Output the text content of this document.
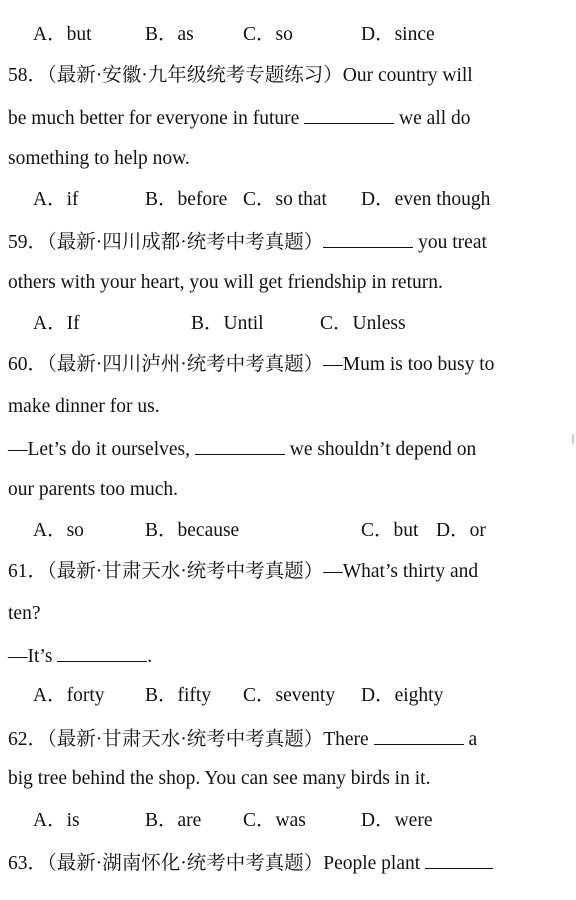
A．but	B．as	C．so	D．since
58．（最新·安徽·九年级统考专题练习）Our country will
be much better for everyone in future	we all do
something to help now.
A．if	B．before C．so that D．even though
59．（最新·四川成都·统考中考真题）	you treat
others with your heart, you will get friendship in return.
A．If	B．Until	C．Unless
60．（最新·四川泸州·统考中考真题）—Mum is too busy to
make dinner for us.
—Let’s do it ourselves,	we shouldn’t depend on
our parents too much.
A．so	B．because	C．but D．or
61．（最新·甘肃天水·统考中考真题）—What’s thirty and
ten?
—It’s	.
A．forty B．fifty C．seventy D．eighty
62．（最新·甘肃天水·统考中考真题）There	a
big tree behind the shop. You can see many birds in it.
A．is	B．are C．was	D．were
63．（最新·湖南怀化·统考中考真题）People plant
